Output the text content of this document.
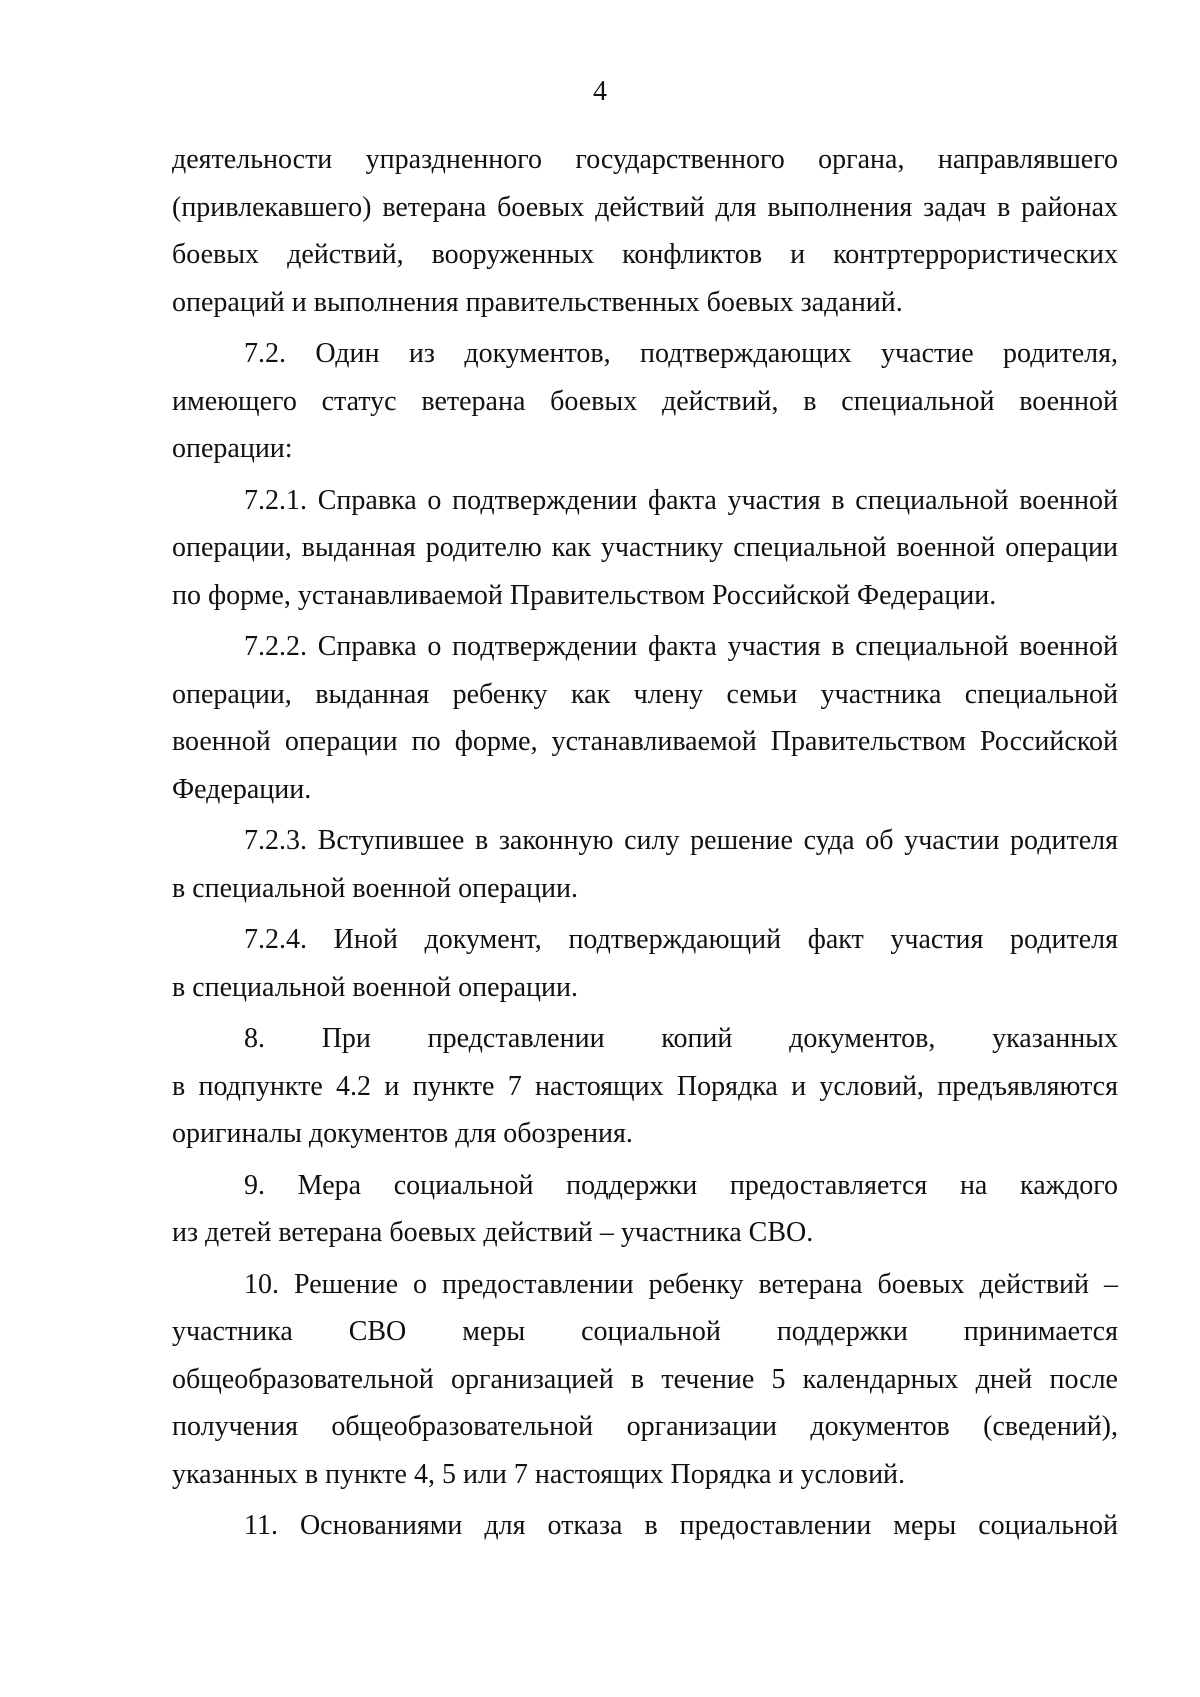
4

деятельности упраздненного государственного органа, направлявшего
(привлекавшего) ветерана боевых действий для выполнения задач в районах
боевых действий, вооруженных конфликтов и контртеррористических
операций и выполнения правительственных боевых заданий.

7.2. Один из документов, подтверждающих участие родителя,
имеющего статус ветерана боевых действий, в специальной военной
операции:

7.2.1. Справка о подтверждении факта участия в специальной военной
операции, выданная родителю как участнику специальной военной операции
по форме, устанавливаемой Правительством Российской Федерации.

7.2.2. Справка о подтверждении факта участия в специальной военной
операции, выданная ребенку как члену семьи участника специальной
военной операции по форме, устанавливаемой Правительством Российской
Федерации.

7.2.3. Вступившее в законную силу решение суда об участии родителя
в специальной военной операции.

7.2.4. Иной документ, подтверждающий факт участия родителя
в специальной военной операции.

8. При представлении копий документов, указанных
в подпункте 4.2 и пункте 7 настоящих Порядка и условий, предъявляются
оригиналы документов для обозрения.

9. Мера социальной поддержки предоставляется на каждого
из детей ветерана боевых действий – участника СВО.

10. Решение о предоставлении ребенку ветерана боевых действий –
участника СВО меры социальной поддержки принимается
общеобразовательной организацией в течение 5 календарных дней после
получения общеобразовательной организации документов (сведений),
указанных в пункте 4, 5 или 7 настоящих Порядка и условий.

11. Основаниями для отказа в предоставлении меры социальной
